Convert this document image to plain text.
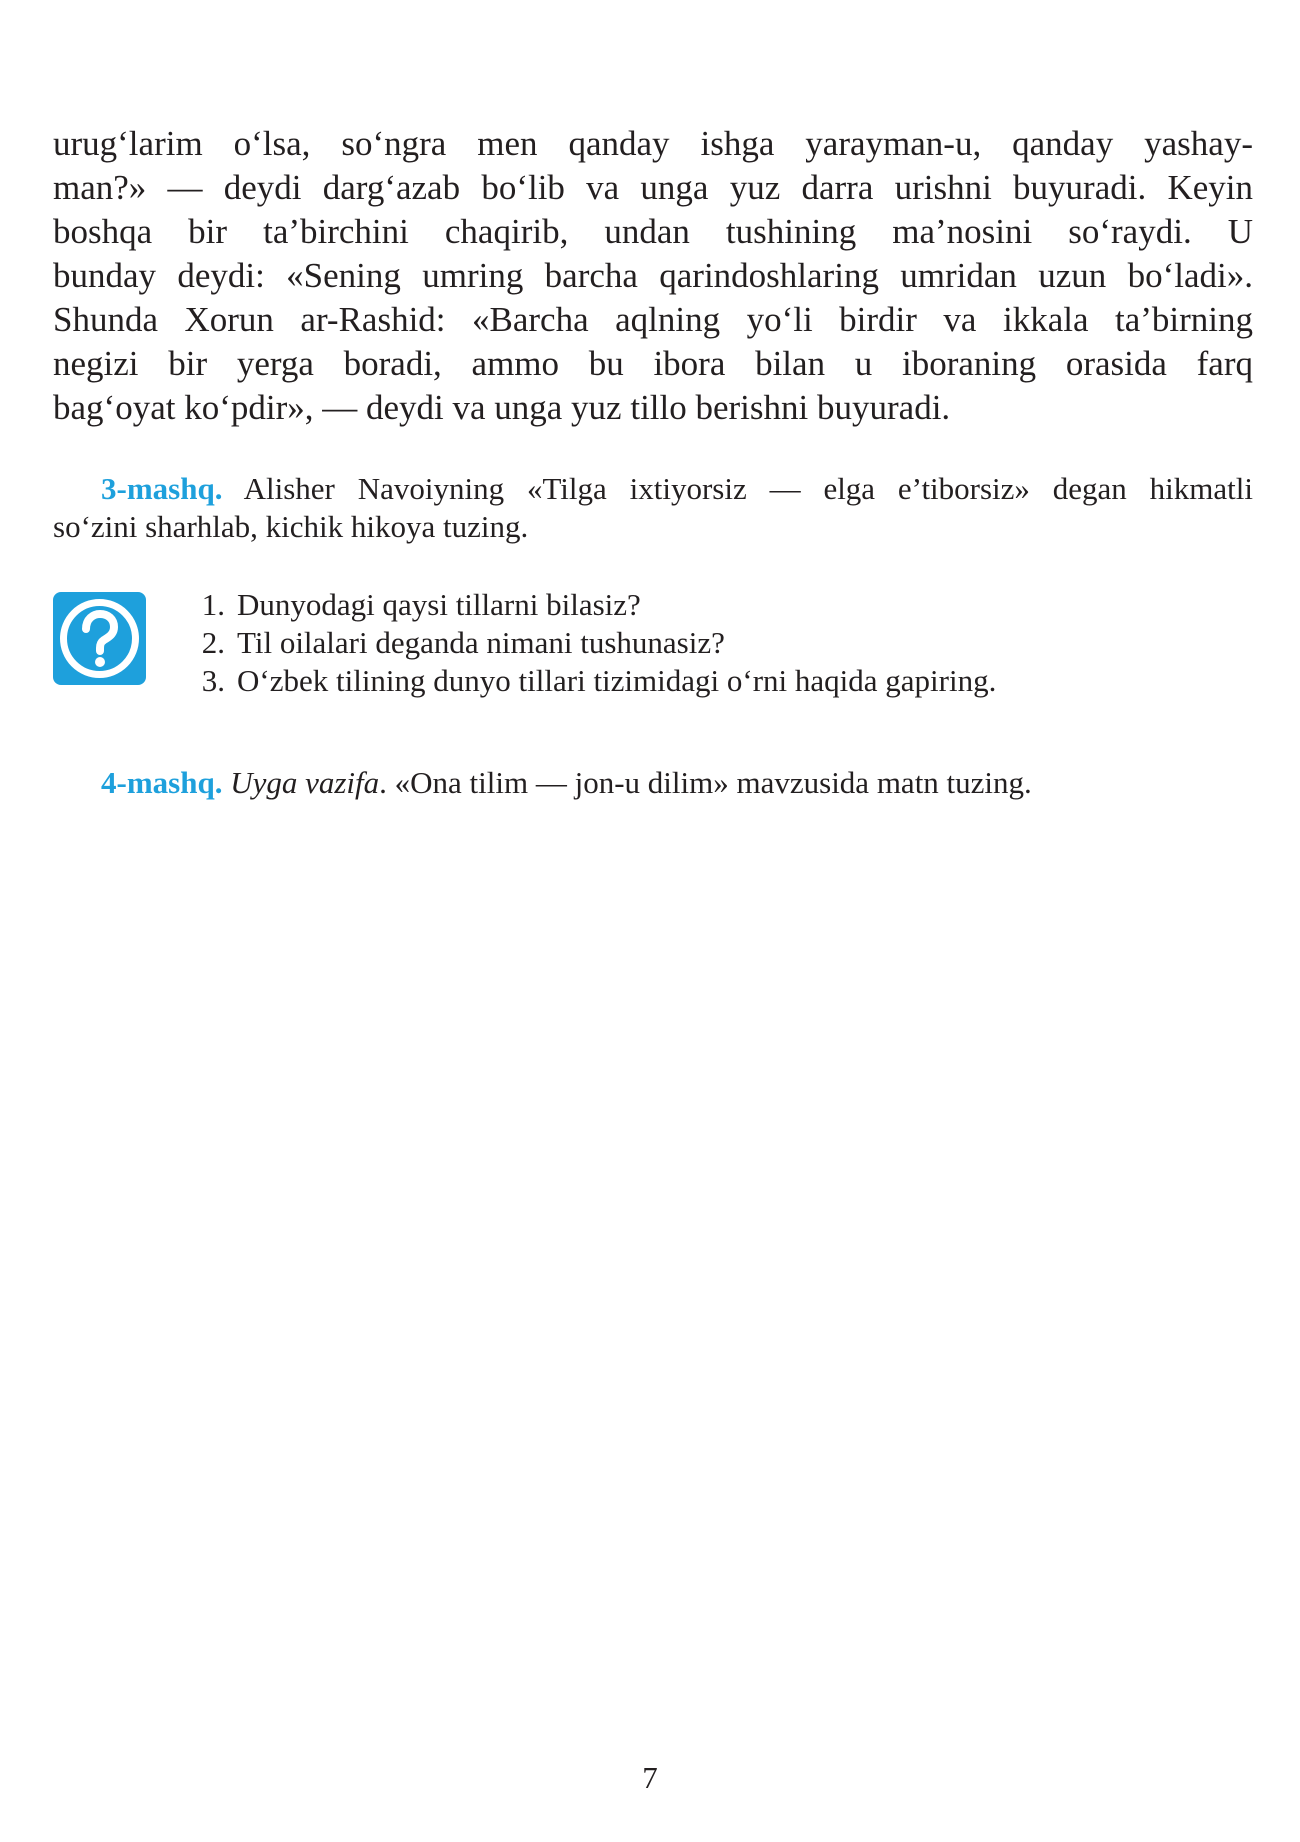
urug‘larim o‘lsa, so‘ngra men qanday ishga yarayman-u, qanday yashay-
man?» — deydi darg‘azab bo‘lib va unga yuz darra urishni buyuradi. Keyin
boshqa bir ta’birchini chaqirib, undan tushining ma’nosini so‘raydi. U
bunday deydi: «Sening umring barcha qarindoshlaring umridan uzun bo‘ladi».
Shunda Xorun ar-Rashid: «Barcha aqlning yo‘li birdir va ikkala ta’birning
negizi bir yerga boradi, ammo bu ibora bilan u iboraning orasida farq
bag‘oyat ko‘pdir», — deydi va unga yuz tillo berishni buyuradi.

3-mashq. Alisher Navoiyning «Tilga ixtiyorsiz — elga e’tiborsiz» degan hikmatli
so‘zini sharhlab, kichik hikoya tuzing.
1. Dunyodagi qaysi tillarni bilasiz?
2. Til oilalari deganda nimani tushunasiz?
3. O‘zbek tilining dunyo tillari tizimidagi o‘rni haqida gapiring.
4-mashq. Uyga vazifa. «Ona tilim — jon-u dilim» mavzusida matn tuzing.
7
